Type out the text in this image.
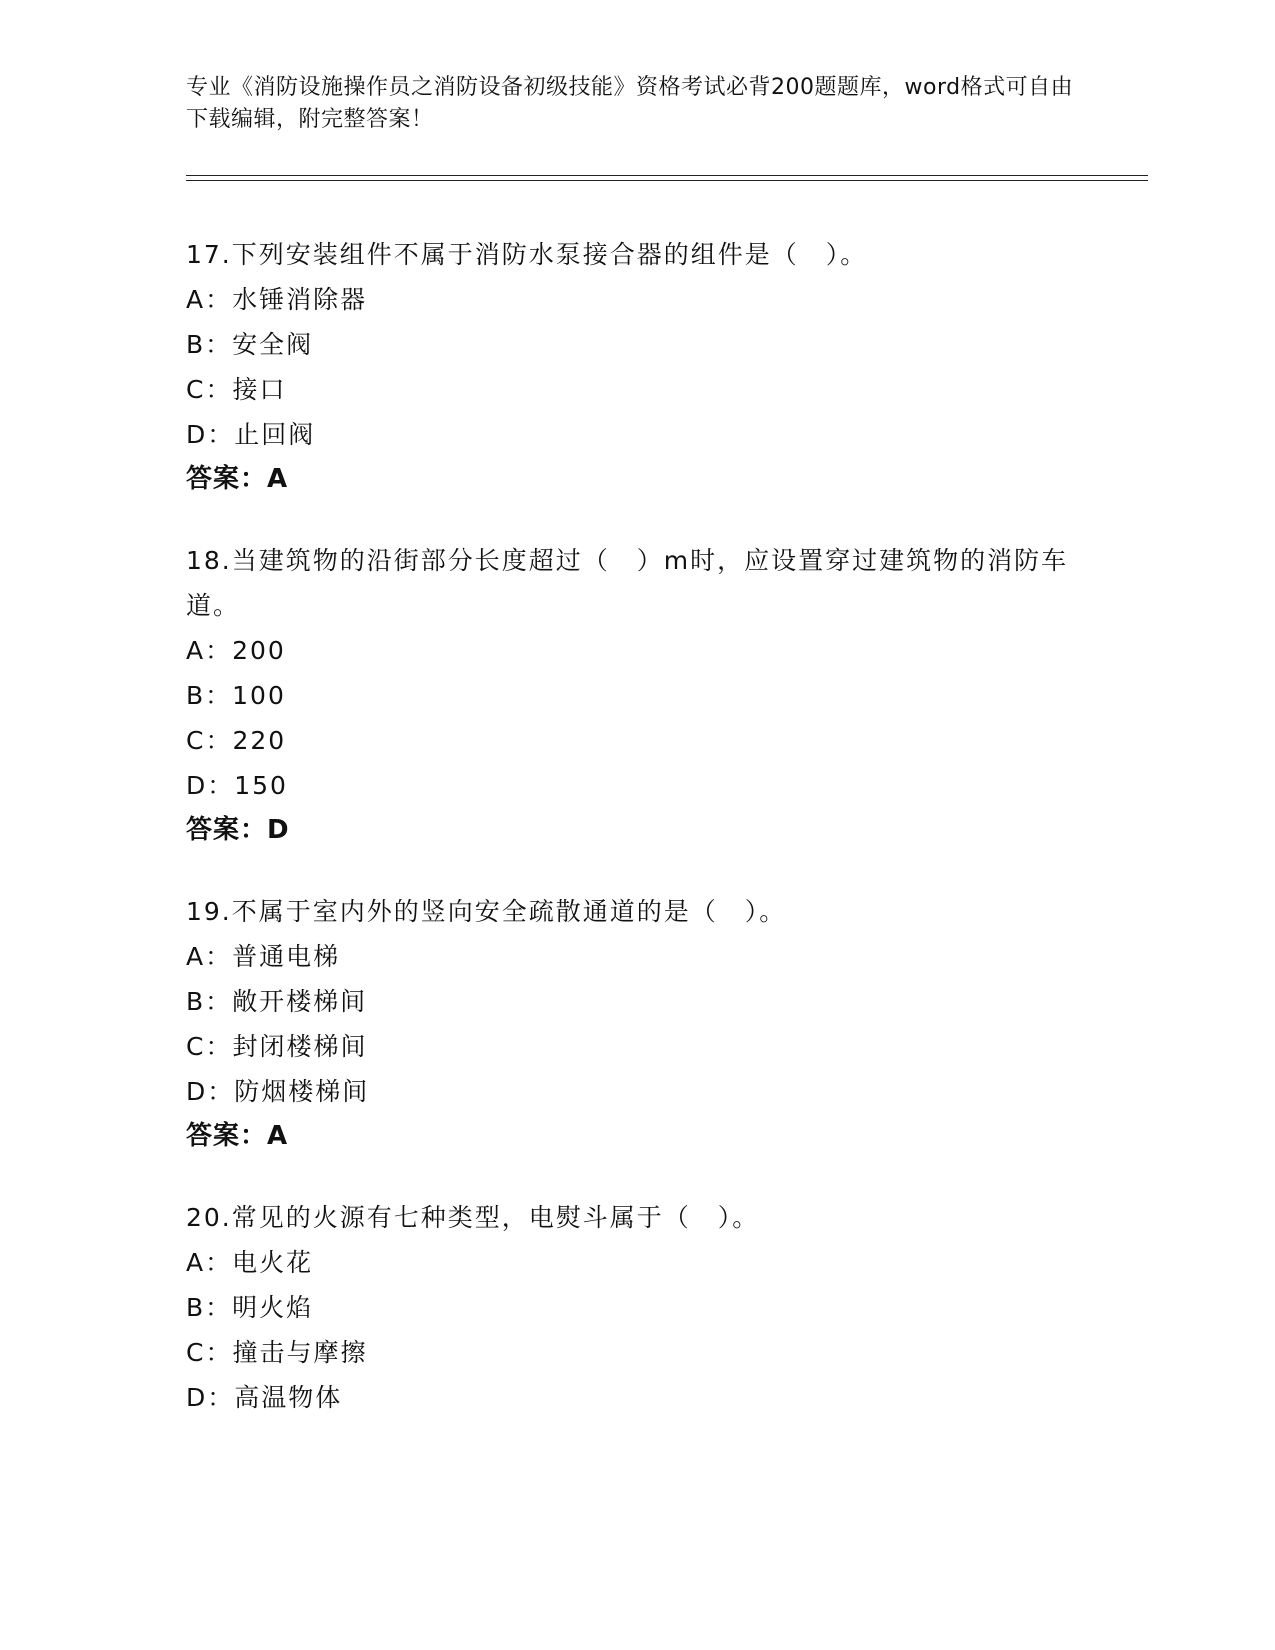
专业《消防设施操作员之消防设备初级技能》资格考试必背200题题库，word格式可自由下载编辑，附完整答案！
17.下列安装组件不属于消防水泵接合器的组件是（　）。
A：水锤消除器
B：安全阀
C：接口
D：止回阀
答案：A
18.当建筑物的沿街部分长度超过（　）m时，应设置穿过建筑物的消防车道。
A：200
B：100
C：220
D：150
答案：D
19.不属于室内外的竖向安全疏散通道的是（　）。
A：普通电梯
B：敞开楼梯间
C：封闭楼梯间
D：防烟楼梯间
答案：A
20.常见的火源有七种类型，电熨斗属于（　）。
A：电火花
B：明火焰
C：撞击与摩擦
D：高温物体
